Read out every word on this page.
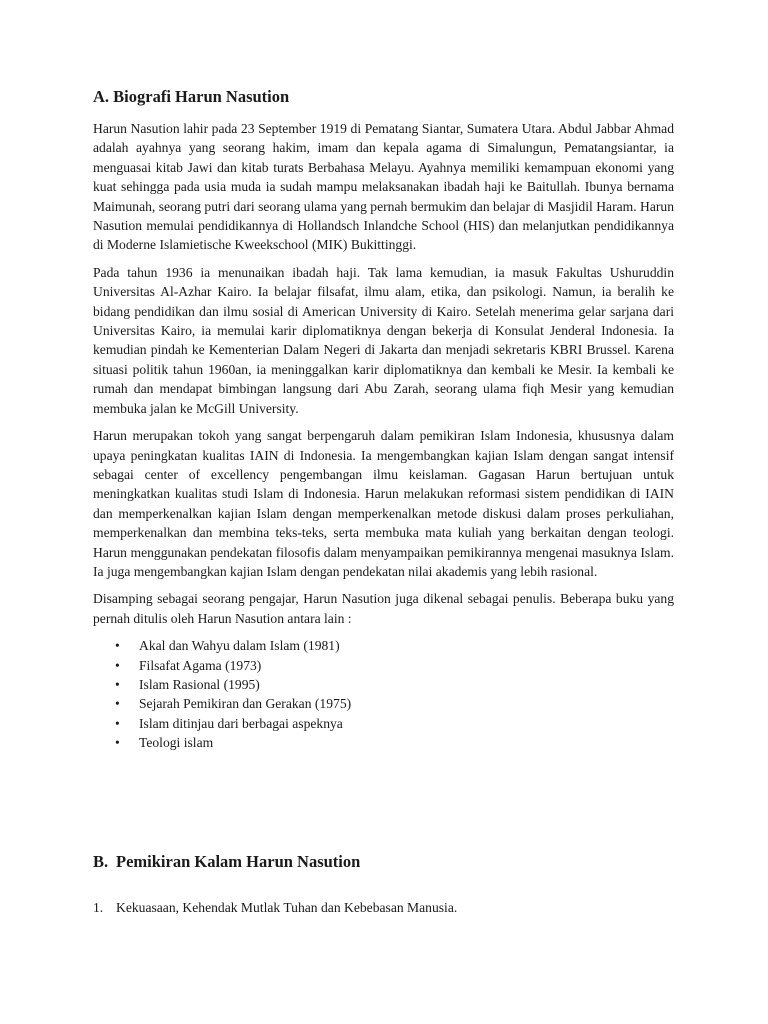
A. Biografi Harun Nasution

Harun Nasution lahir pada 23 September 1919 di Pematang Siantar, Sumatera Utara. Abdul Jabbar Ahmad adalah ayahnya yang seorang hakim, imam dan kepala agama di Simalungun, Pematangsiantar, ia menguasai kitab Jawi dan kitab turats Berbahasa Melayu. Ayahnya memiliki kemampuan ekonomi yang kuat sehingga pada usia muda ia sudah mampu melaksanakan ibadah haji ke Baitullah. Ibunya bernama Maimunah, seorang putri dari seorang ulama yang pernah bermukim dan belajar di Masjidil Haram. Harun Nasution memulai pendidikannya di Hollandsch Inlandche School (HIS) dan melanjutkan pendidikannya di Moderne Islamietische Kweekschool (MIK) Bukittinggi.

Pada tahun 1936 ia menunaikan ibadah haji. Tak lama kemudian, ia masuk Fakultas Ushuruddin Universitas Al-Azhar Kairo. Ia belajar filsafat, ilmu alam, etika, dan psikologi. Namun, ia beralih ke bidang pendidikan dan ilmu sosial di American University di Kairo. Setelah menerima gelar sarjana dari Universitas Kairo, ia memulai karir diplomatiknya dengan bekerja di Konsulat Jenderal Indonesia. Ia kemudian pindah ke Kementerian Dalam Negeri di Jakarta dan menjadi sekretaris KBRI Brussel. Karena situasi politik tahun 1960an, ia meninggalkan karir diplomatiknya dan kembali ke Mesir. Ia kembali ke rumah dan mendapat bimbingan langsung dari Abu Zarah, seorang ulama fiqh Mesir yang kemudian membuka jalan ke McGill University.

Harun merupakan tokoh yang sangat berpengaruh dalam pemikiran Islam Indonesia, khususnya dalam upaya peningkatan kualitas IAIN di Indonesia. Ia mengembangkan kajian Islam dengan sangat intensif sebagai center of excellency pengembangan ilmu keislaman. Gagasan Harun bertujuan untuk meningkatkan kualitas studi Islam di Indonesia. Harun melakukan reformasi sistem pendidikan di IAIN dan memperkenalkan kajian Islam dengan memperkenalkan metode diskusi dalam proses perkuliahan, memperkenalkan dan membina teks-teks, serta membuka mata kuliah yang berkaitan dengan teologi. Harun menggunakan pendekatan filosofis dalam menyampaikan pemikirannya mengenai masuknya Islam. Ia juga mengembangkan kajian Islam dengan pendekatan nilai akademis yang lebih rasional.

Disamping sebagai seorang pengajar, Harun Nasution juga dikenal sebagai penulis. Beberapa buku yang pernah ditulis oleh Harun Nasution antara lain :

• Akal dan Wahyu dalam Islam (1981)
• Filsafat Agama (1973)
• Islam Rasional (1995)
• Sejarah Pemikiran dan Gerakan (1975)
• Islam ditinjau dari berbagai aspeknya
• Teologi islam
B. Pemikiran Kalam Harun Nasution
1. Kekuasaan, Kehendak Mutlak Tuhan dan Kebebasan Manusia.
